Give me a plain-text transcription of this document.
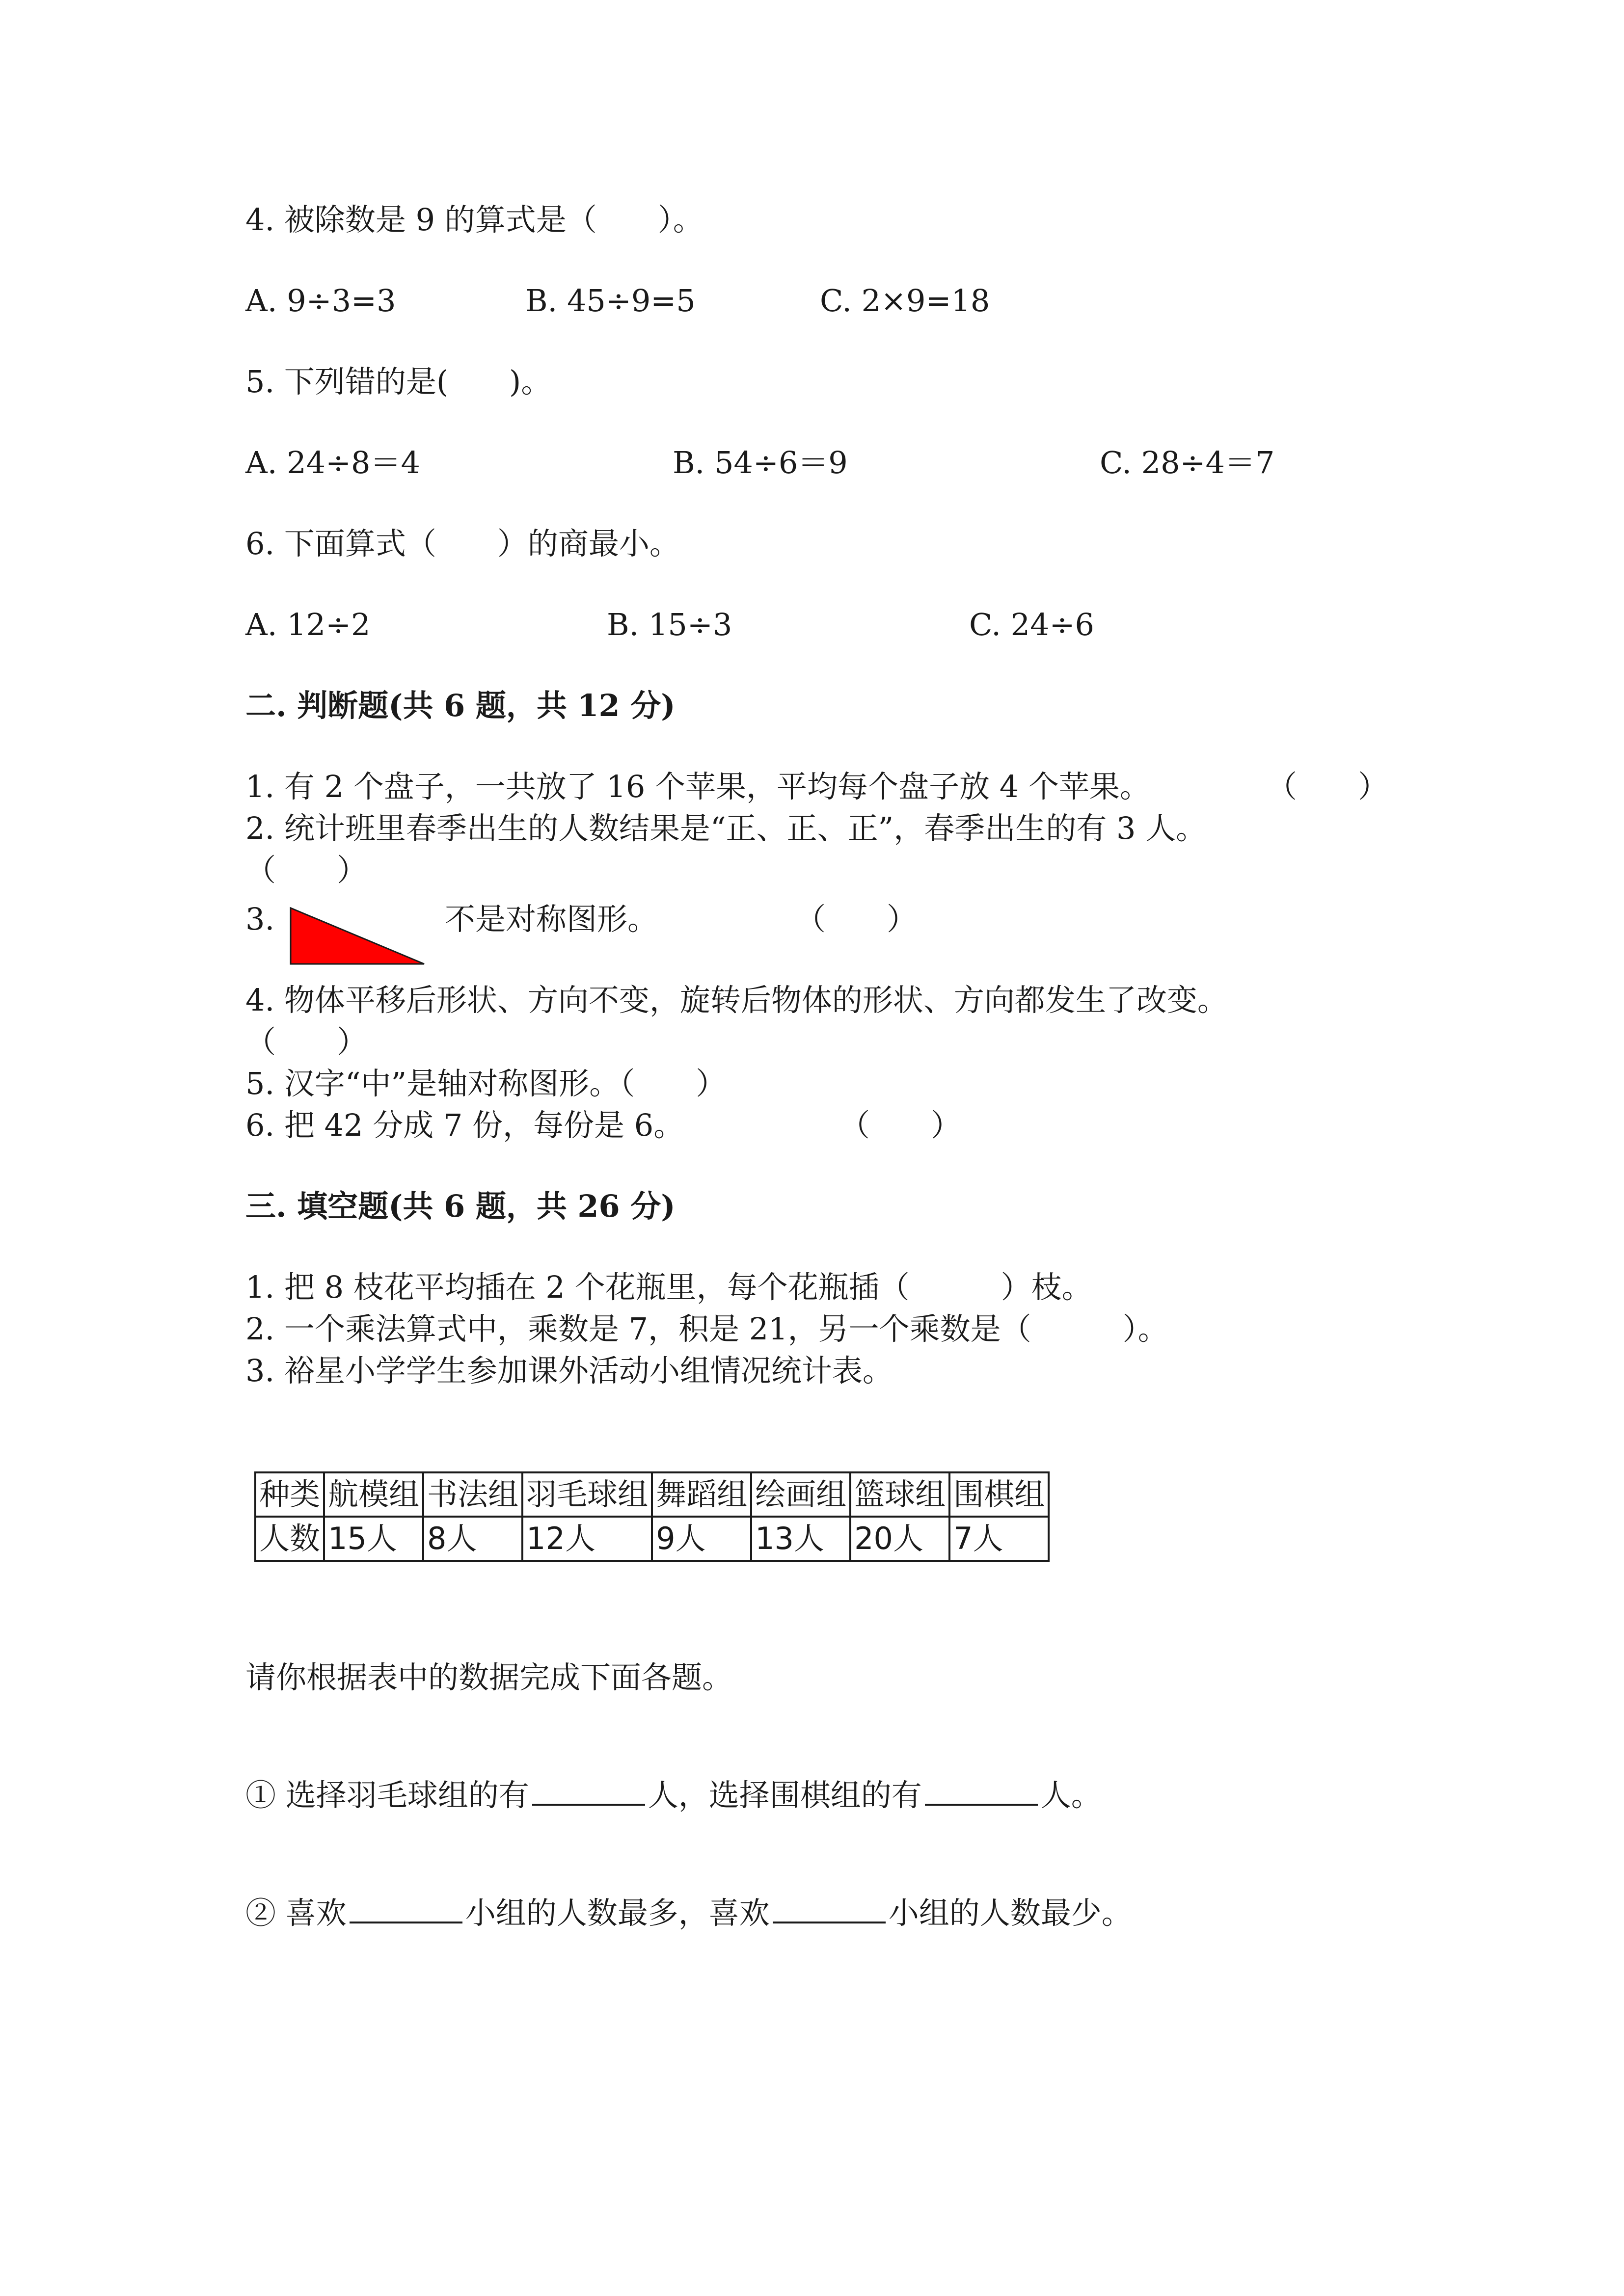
4. 被除数是 9 的算式是（　　）。
A. 9÷3=3	B. 45÷9=5	C. 2×9=18
5. 下列错的是(　　)。
A. 24÷8＝4	B. 54÷6＝9	C. 28÷4＝7
6. 下面算式（　　）的商最小。
A. 12÷2	B. 15÷3	C. 24÷6
二. 判断题(共 6 题，共 12 分)
1. 有 2 个盘子，一共放了 16 个苹果，平均每个盘子放 4 个苹果。	（　　）
2. 统计班里春季出生的人数结果是“正、正、正”，春季出生的有 3 人。
（　　）
3.	不是对称图形。	（　　）
4. 物体平移后形状、方向不变，旋转后物体的形状、方向都发生了改变。
（　　）
5. 汉字“中”是轴对称图形。（　　）
6. 把 42 分成 7 份，每份是 6。	（　　）
三. 填空题(共 6 题，共 26 分)
1. 把 8 枝花平均插在 2 个花瓶里，每个花瓶插（　　　）枝。
2. 一个乘法算式中，乘数是 7，积是 21，另一个乘数是（　　　）。
3. 裕星小学学生参加课外活动小组情况统计表。
种类	航模组	书法组	羽毛球组	舞蹈组	绘画组	篮球组	围棋组
人数	15人	8人	12人	9人	13人	20人	7人
请你根据表中的数据完成下面各题。
① 选择羽毛球组的有	人，选择围棋组的有	人。
② 喜欢	小组的人数最多，喜欢	小组的人数最少。
